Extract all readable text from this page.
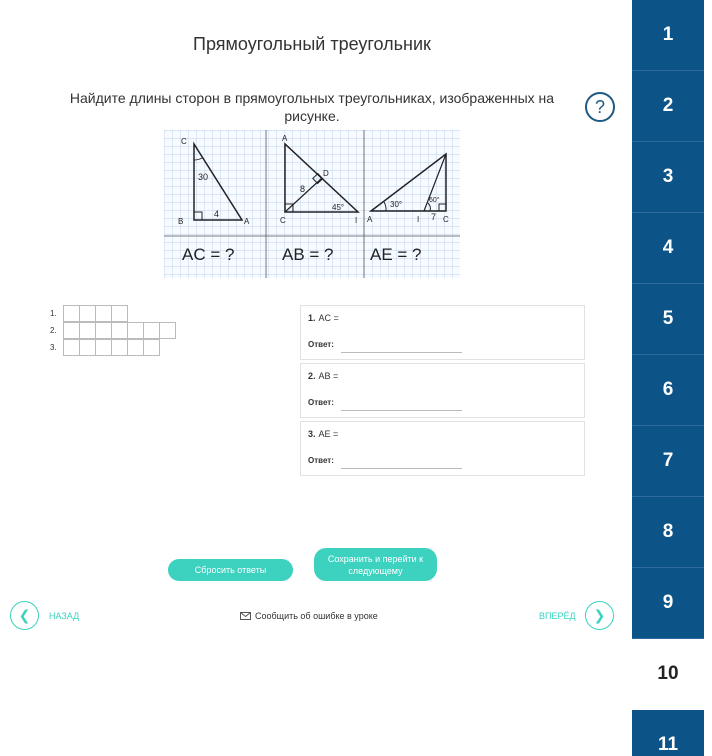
Прямоугольный треугольник
Найдите длины сторон в прямоугольных треугольниках, изображенных на рисунке.	?
C
B	A
30
4
AC = ?
A
D
C	I
8
45°
AB = ?
A	I	C
30°	60°
7
AE = ?
1.
2.
3.
1. AC =
Ответ:
2. AB =
Ответ:
3. AE =
Ответ:
Сбросить ответы
Сохранить и перейти к следующему
❮ НАЗАД	Сообщить об ошибке в уроке	ВПЕРЁД ❯
1
2
3
4
5
6
7
8
9
10
11
